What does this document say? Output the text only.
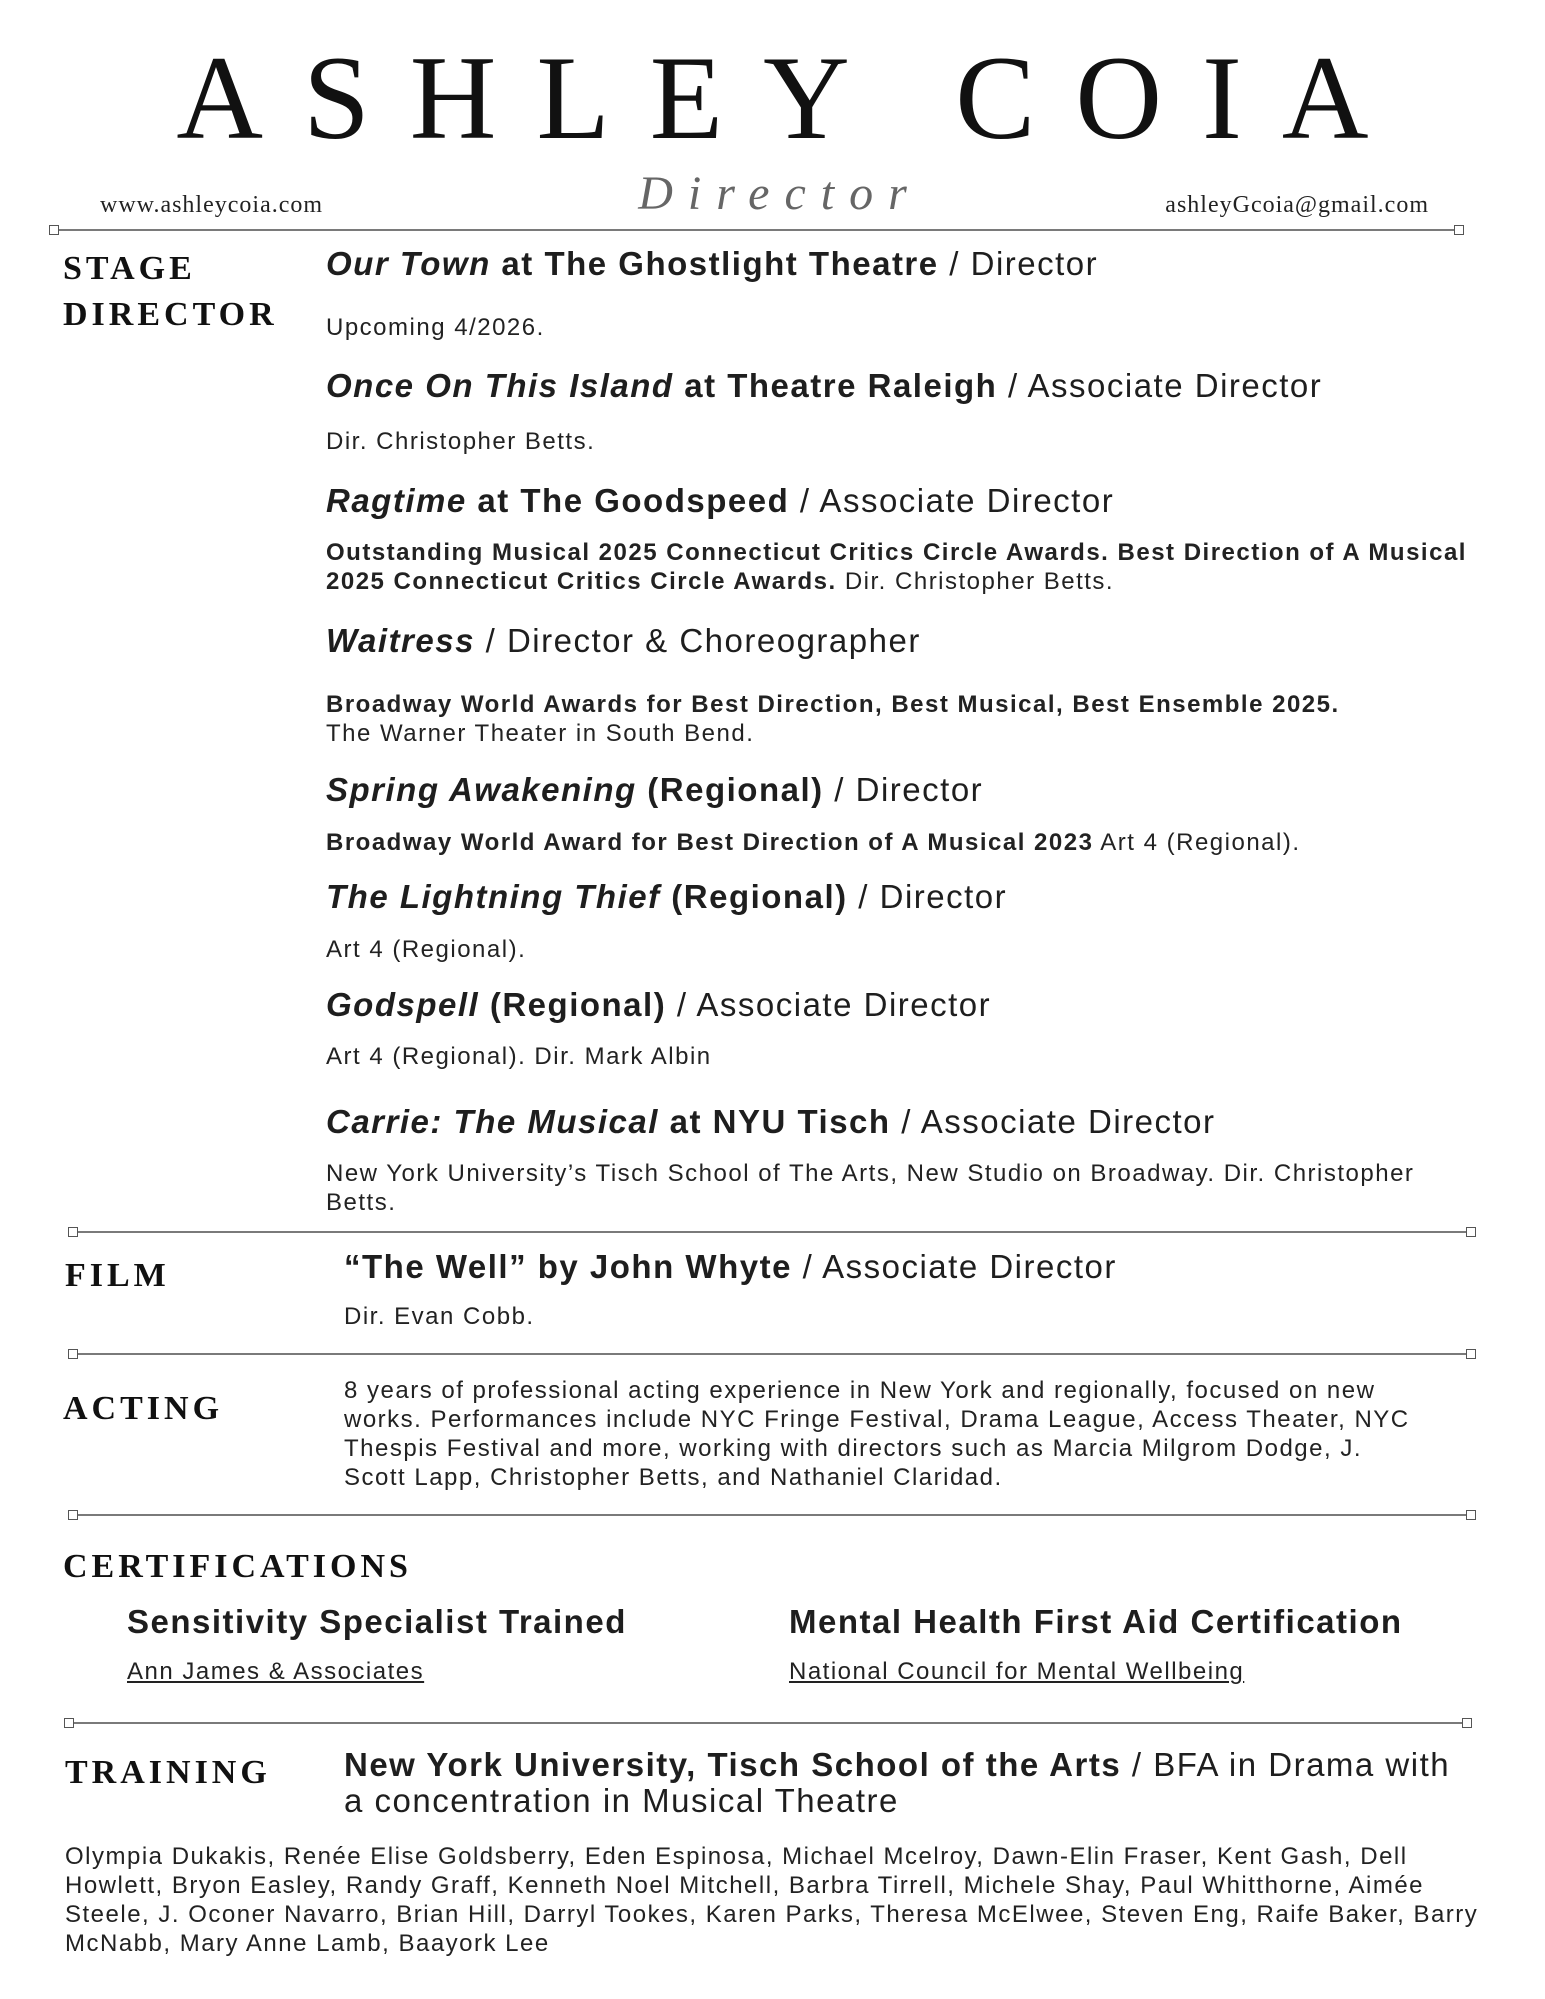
ASHLEY COIA
Director
www.ashleycoia.com	ashleyGcoia@gmail.com
STAGE
DIRECTOR
Our Town at The Ghostlight Theatre / Director
Upcoming 4/2026.
Once On This Island at Theatre Raleigh / Associate Director
Dir. Christopher Betts.
Ragtime at The Goodspeed / Associate Director
Outstanding Musical 2025 Connecticut Critics Circle Awards. Best Direction of A Musical 2025 Connecticut Critics Circle Awards. Dir. Christopher Betts.
Waitress / Director & Choreographer
Broadway World Awards for Best Direction, Best Musical, Best Ensemble 2025.
The Warner Theater in South Bend.
Spring Awakening (Regional) / Director
Broadway World Award for Best Direction of A Musical 2023 Art 4 (Regional).
The Lightning Thief (Regional) / Director
Art 4 (Regional).
Godspell (Regional) / Associate Director
Art 4 (Regional). Dir. Mark Albin
Carrie: The Musical at NYU Tisch / Associate Director
New York University’s Tisch School of The Arts, New Studio on Broadway. Dir. Christopher Betts.
FILM	“The Well” by John Whyte / Associate Director
Dir. Evan Cobb.
ACTING	8 years of professional acting experience in New York and regionally, focused on new works. Performances include NYC Fringe Festival, Drama League, Access Theater, NYC Thespis Festival and more, working with directors such as Marcia Milgrom Dodge, J. Scott Lapp, Christopher Betts, and Nathaniel Claridad.
CERTIFICATIONS
Sensitivity Specialist Trained
Ann James & Associates
Mental Health First Aid Certification
National Council for Mental Wellbeing
TRAINING New York University, Tisch School of the Arts / BFA in Drama with a concentration in Musical Theatre
Olympia Dukakis, Renée Elise Goldsberry, Eden Espinosa, Michael Mcelroy, Dawn-Elin Fraser, Kent Gash, Dell Howlett, Bryon Easley, Randy Graff, Kenneth Noel Mitchell, Barbra Tirrell, Michele Shay, Paul Whitthorne, Aimée Steele, J. Oconer Navarro, Brian Hill, Darryl Tookes, Karen Parks, Theresa McElwee, Steven Eng, Raife Baker, Barry McNabb, Mary Anne Lamb, Baayork Lee
